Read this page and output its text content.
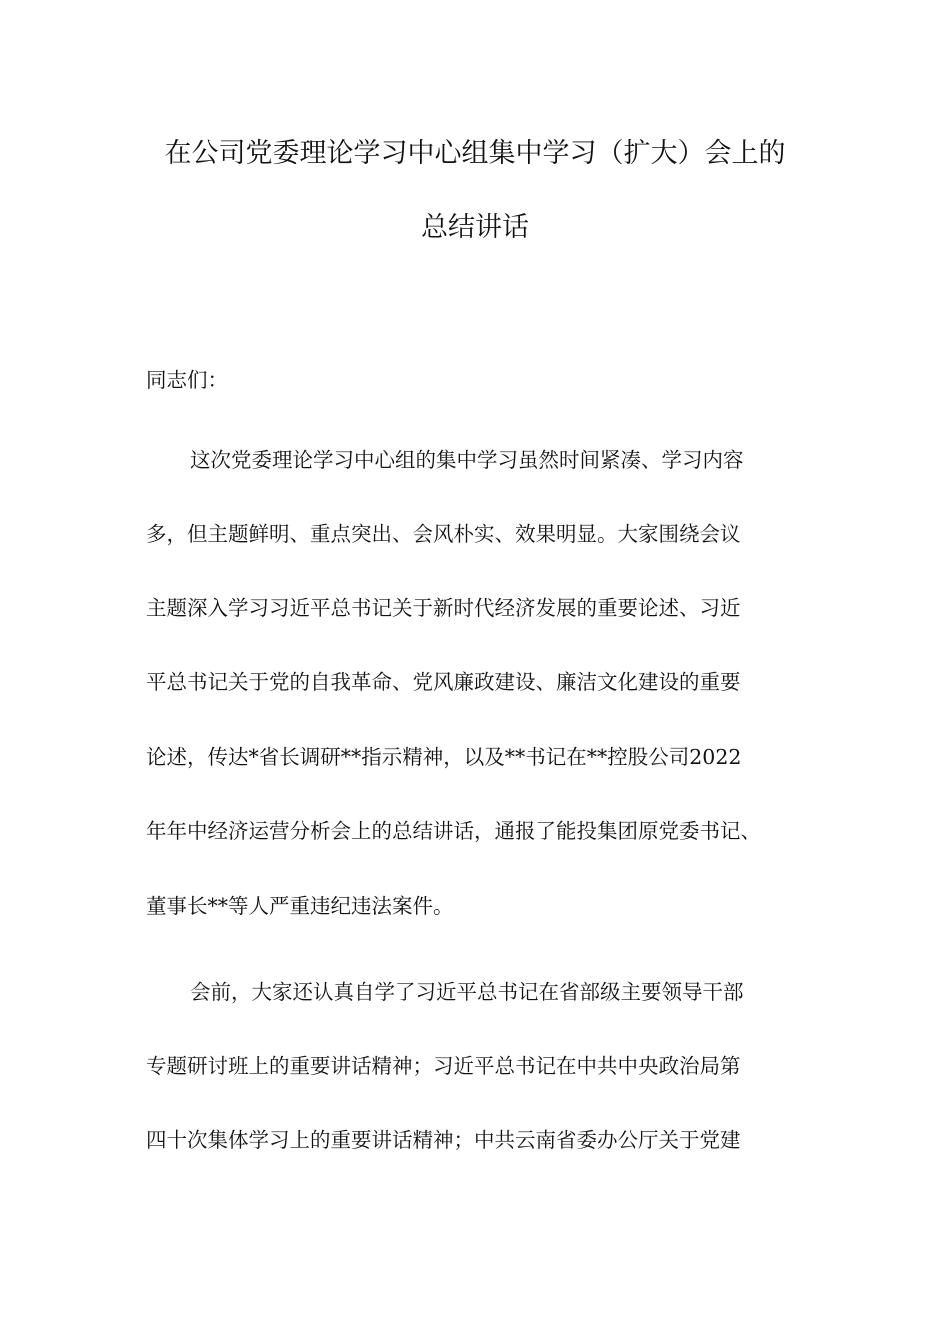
在公司党委理论学习中心组集中学习（扩大）会上的
总结讲话
同志们：
这次党委理论学习中心组的集中学习虽然时间紧凑、学习内容
多，但主题鲜明、重点突出、会风朴实、效果明显。大家围绕会议
主题深入学习习近平总书记关于新时代经济发展的重要论述、习近
平总书记关于党的自我革命、党风廉政建设、廉洁文化建设的重要
论述，传达*省长调研**指示精神，以及**书记在**控股公司2022
年年中经济运营分析会上的总结讲话，通报了能投集团原党委书记、
董事长**等人严重违纪违法案件。
会前，大家还认真自学了习近平总书记在省部级主要领导干部
专题研讨班上的重要讲话精神；习近平总书记在中共中央政治局第
四十次集体学习上的重要讲话精神；中共云南省委办公厅关于党建
